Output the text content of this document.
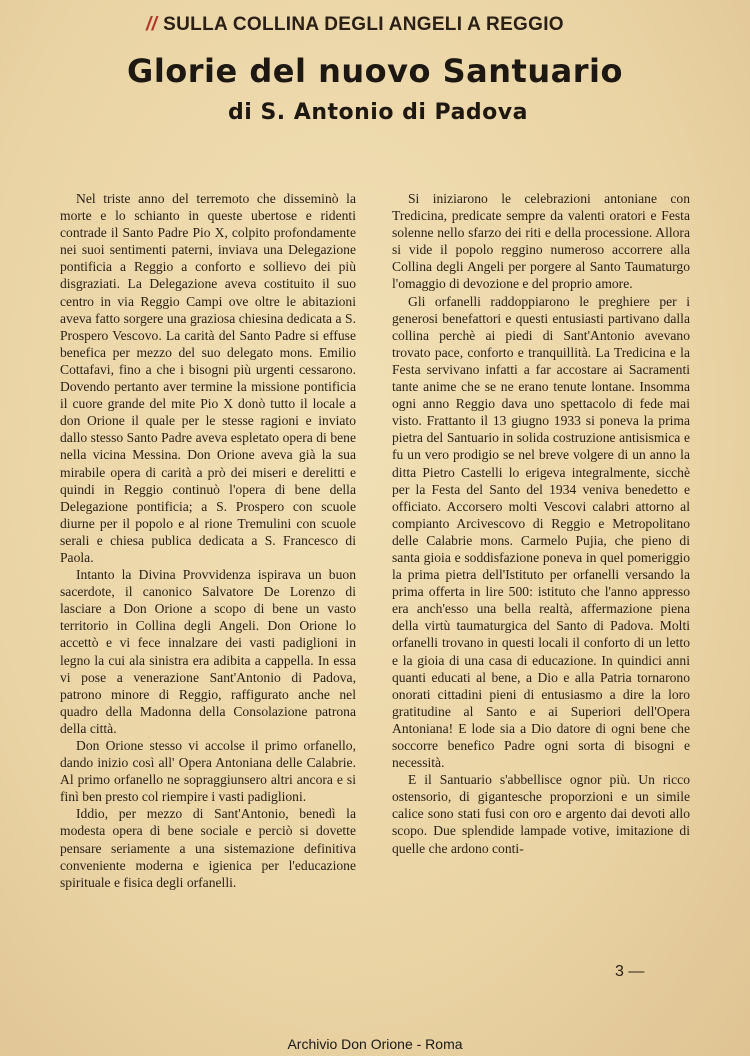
// SULLA COLLINA DEGLI ANGELI A REGGIO
Glorie del nuovo Santuario
di S. Antonio di Padova

Nel triste anno del terremoto che disseminò la morte e lo schianto in queste ubertose e ridenti contrade il Santo Padre Pio X, colpito profondamente nei suoi sentimenti paterni, inviava una Delegazione pontificia a Reggio a conforto e sollievo dei più disgraziati. La Delegazione aveva costituito il suo centro in via Reggio Campi ove oltre le abitazioni aveva fatto sorgere una graziosa chiesina dedicata a S. Prospero Vescovo. La carità del Santo Padre si effuse benefica per mezzo del suo delegato mons. Emilio Cottafavi, fino a che i bisogni più urgenti cessarono. Dovendo pertanto aver termine la missione pontificia il cuore grande del mite Pio X donò tutto il locale a don Orione il quale per le stesse ragioni e inviato dallo stesso Santo Padre aveva espletato opera di bene nella vicina Messina. Don Orione aveva già la sua mirabile opera di carità a prò dei miseri e derelitti e quindi in Reggio continuò l'opera di bene della Delegazione pontificia; a S. Prospero con scuole diurne per il popolo e al rione Tremulini con scuole serali e chiesa publica dedicata a S. Francesco di Paola.

Intanto la Divina Provvidenza ispirava un buon sacerdote, il canonico Salvatore De Lorenzo di lasciare a Don Orione a scopo di bene un vasto territorio in Collina degli Angeli. Don Orione lo accettò e vi fece innalzare dei vasti padiglioni in legno la cui ala sinistra era adibita a cappella. In essa vi pose a venerazione Sant'Antonio di Padova, patrono minore di Reggio, raffigurato anche nel quadro della Madonna della Consolazione patrona della città.

Don Orione stesso vi accolse il primo orfanello, dando inizio così all' Opera Antoniana delle Calabrie. Al primo orfanello ne sopraggiunsero altri ancora e si finì ben presto col riempire i vasti padiglioni.

Iddio, per mezzo di Sant'Antonio, benedì la modesta opera di bene sociale e perciò si dovette pensare seriamente a una sistemazione definitiva conveniente moderna e igienica per l'educazione spirituale e fisica degli orfanelli.

Si iniziarono le celebrazioni antoniane con Tredicina, predicate sempre da valenti oratori e Festa solenne nello sfarzo dei riti e della processione. Allora si vide il popolo reggino numeroso accorrere alla Collina degli Angeli per porgere al Santo Taumaturgo l'omaggio di devozione e del proprio amore.

Gli orfanelli raddoppiarono le preghiere per i generosi benefattori e questi entusiasti partivano dalla collina perchè ai piedi di Sant'Antonio avevano trovato pace, conforto e tranquillità. La Tredicina e la Festa servivano infatti a far accostare ai Sacramenti tante anime che se ne erano tenute lontane. Insomma ogni anno Reggio dava uno spettacolo di fede mai visto. Frattanto il 13 giugno 1933 si poneva la prima pietra del Santuario in solida costruzione antisismica e fu un vero prodigio se nel breve volgere di un anno la ditta Pietro Castelli lo erigeva integralmente, sicchè per la Festa del Santo del 1934 veniva benedetto e officiato. Accorsero molti Vescovi calabri attorno al compianto Arcivescovo di Reggio e Metropolitano delle Calabrie mons. Carmelo Pujia, che pieno di santa gioia e soddisfazione poneva in quel pomeriggio la prima pietra dell'Istituto per orfanelli versando la prima offerta in lire 500: istituto che l'anno appresso era anch'esso una bella realtà, affermazione piena della virtù taumaturgica del Santo di Padova. Molti orfanelli trovano in questi locali il conforto di un letto e la gioia di una casa di educazione. In quindici anni quanti educati al bene, a Dio e alla Patria tornarono onorati cittadini pieni di entusiasmo a dire la loro gratitudine al Santo e ai Superiori dell'Opera Antoniana! E lode sia a Dio datore di ogni bene che soccorre benefico Padre ogni sorta di bisogni e necessità.

E il Santuario s'abbellisce ognor più. Un ricco ostensorio, di gigantesche proporzioni e un simile calice sono stati fusi con oro e argento dai devoti allo scopo. Due splendide lampade votive, imitazione di quelle che ardono conti-

3 —
Archivio Don Orione - Roma
